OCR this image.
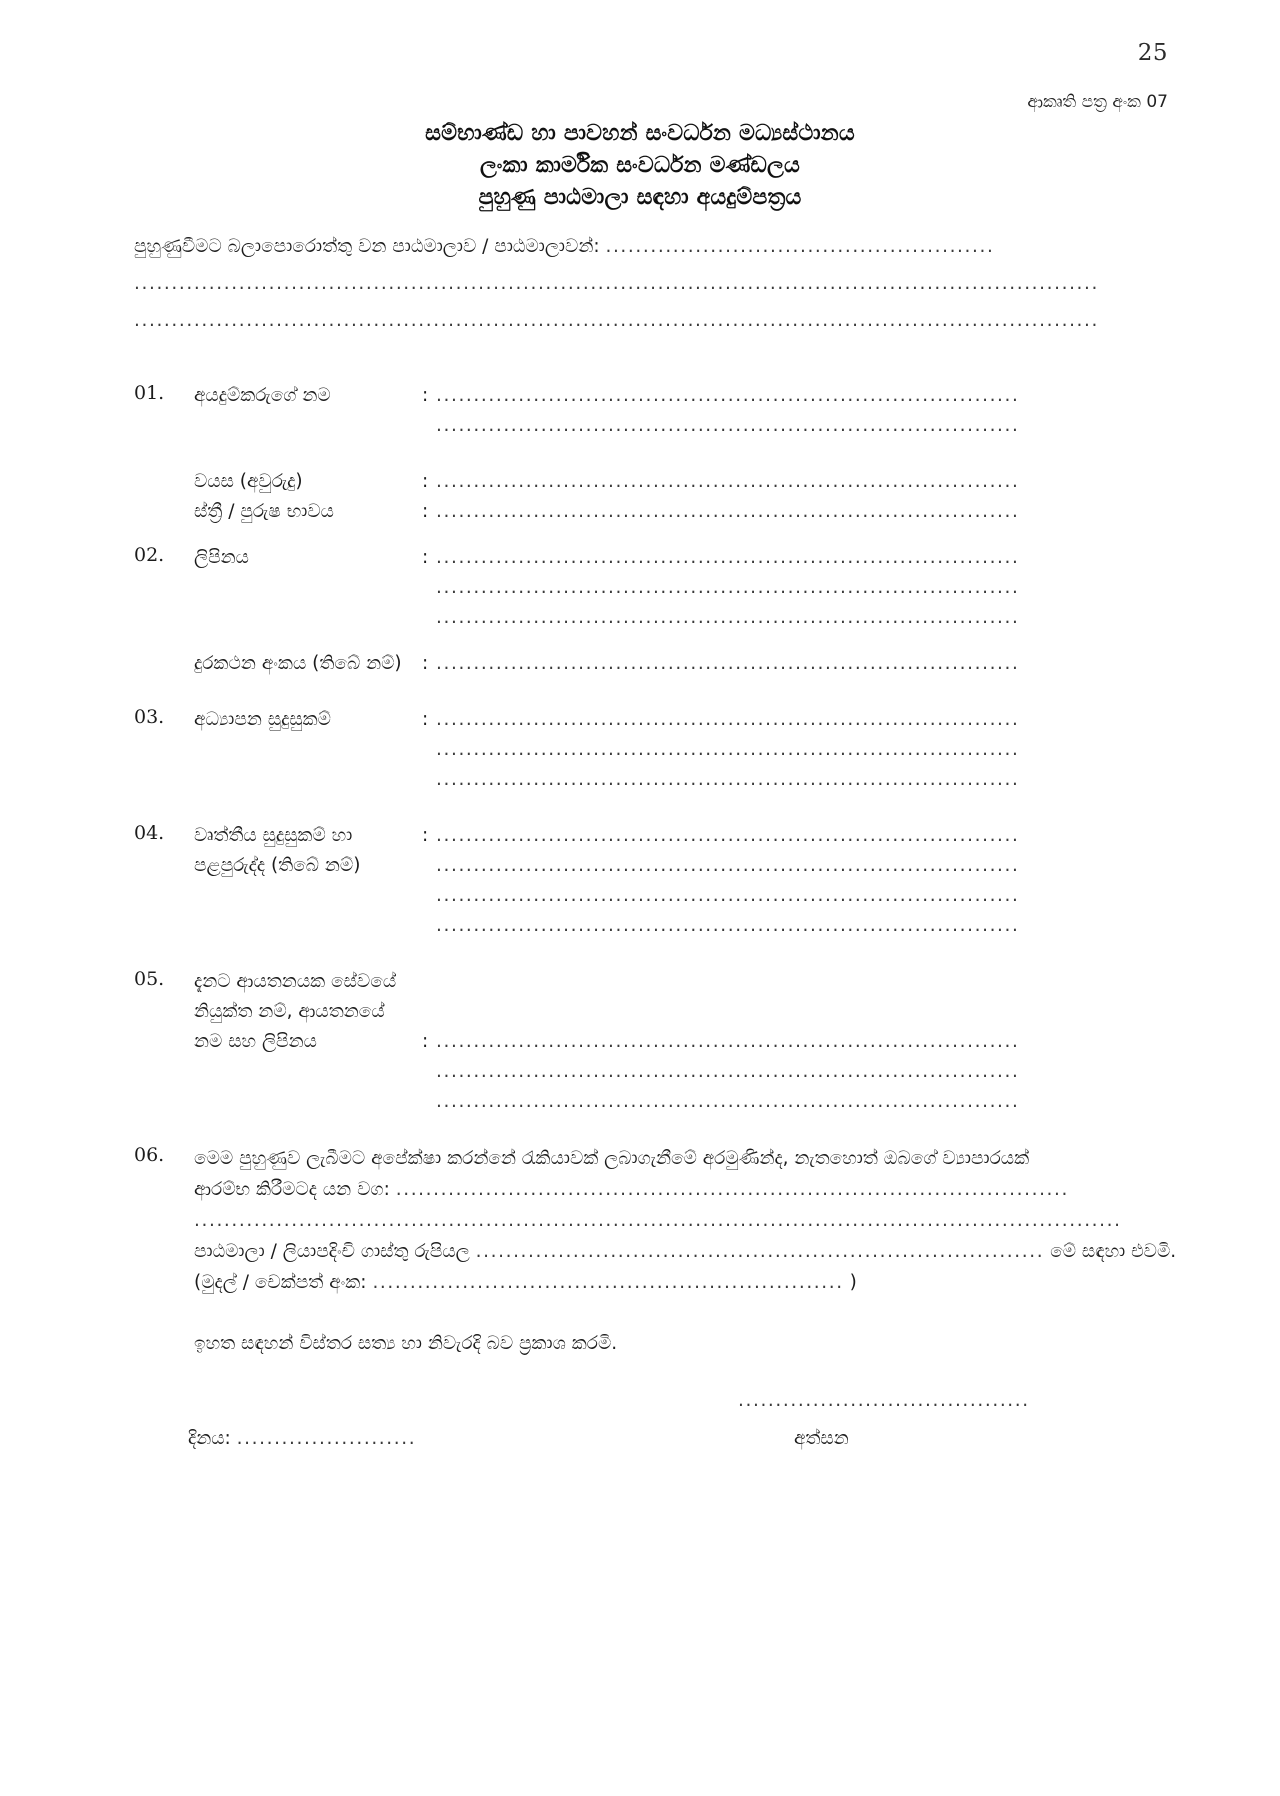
25
ආකෘති පත්‍ර අංක 07
සම්භාණ්ඩ හා පාවහන් සංවර්ධන මධ්‍යස්ථානය
ලංකා කාර්මික සංවර්ධන මණ්ඩලය
පුහුණු පාඨමාලා සඳහා අයදුම්පත්‍රය
පුහුණුවීමට බලාපොරොත්තු වන පාඨමාලාව / පාඨමාලාවන්: ....................................................
.................................................................................................................................
.................................................................................................................................
01.	අයදුම්කරුගේ නම	: ..............................................................................
..............................................................................
වයස (අවුරුදු)	: ..............................................................................
ස්ත්‍රී / පුරුෂ භාවය	: ..............................................................................
02.	ලිපිනය	: ..............................................................................
..............................................................................
..............................................................................
දුරකථන අංකය (තිබේ නම්)	: ..............................................................................
03.	අධ්‍යාපන සුදුසුකම්	: ..............................................................................
..............................................................................
..............................................................................
04.	වෘත්තීය සුදුසුකම් හා
පළපුරුද්ද (තිබේ නම්)
: ..............................................................................
..............................................................................
..............................................................................
..............................................................................
05.	දැනට ආයතනයක සේවයේ
නියුක්ත නම්, ආයතනයේ
නම සහ ලිපිනය	: ..............................................................................
..............................................................................
..............................................................................
06.	මෙම පුහුණුව ලැබීමට අපේක්ෂා කරන්නේ රැකියාවක් ලබාගැනීමේ අරමුණින්ද, නැතහොත් ඔබගේ ව්‍යාපාරයක්
ආරම්භ කිරීමටද යන වග: ..........................................................................................
............................................................................................................................
පාඨමාලා / ලියාපදිංචි ගාස්තු රුපියල ............................................................................ මේ සඳහා එවමි.
(මුදල් / චෙක්පත් අංක: ............................................................... )
ඉහත සඳහන් විස්තර සත්‍ය හා නිවැරදි බව ප්‍රකාශ කරමි.
.......................................
අත්සන
දිනය: ........................
